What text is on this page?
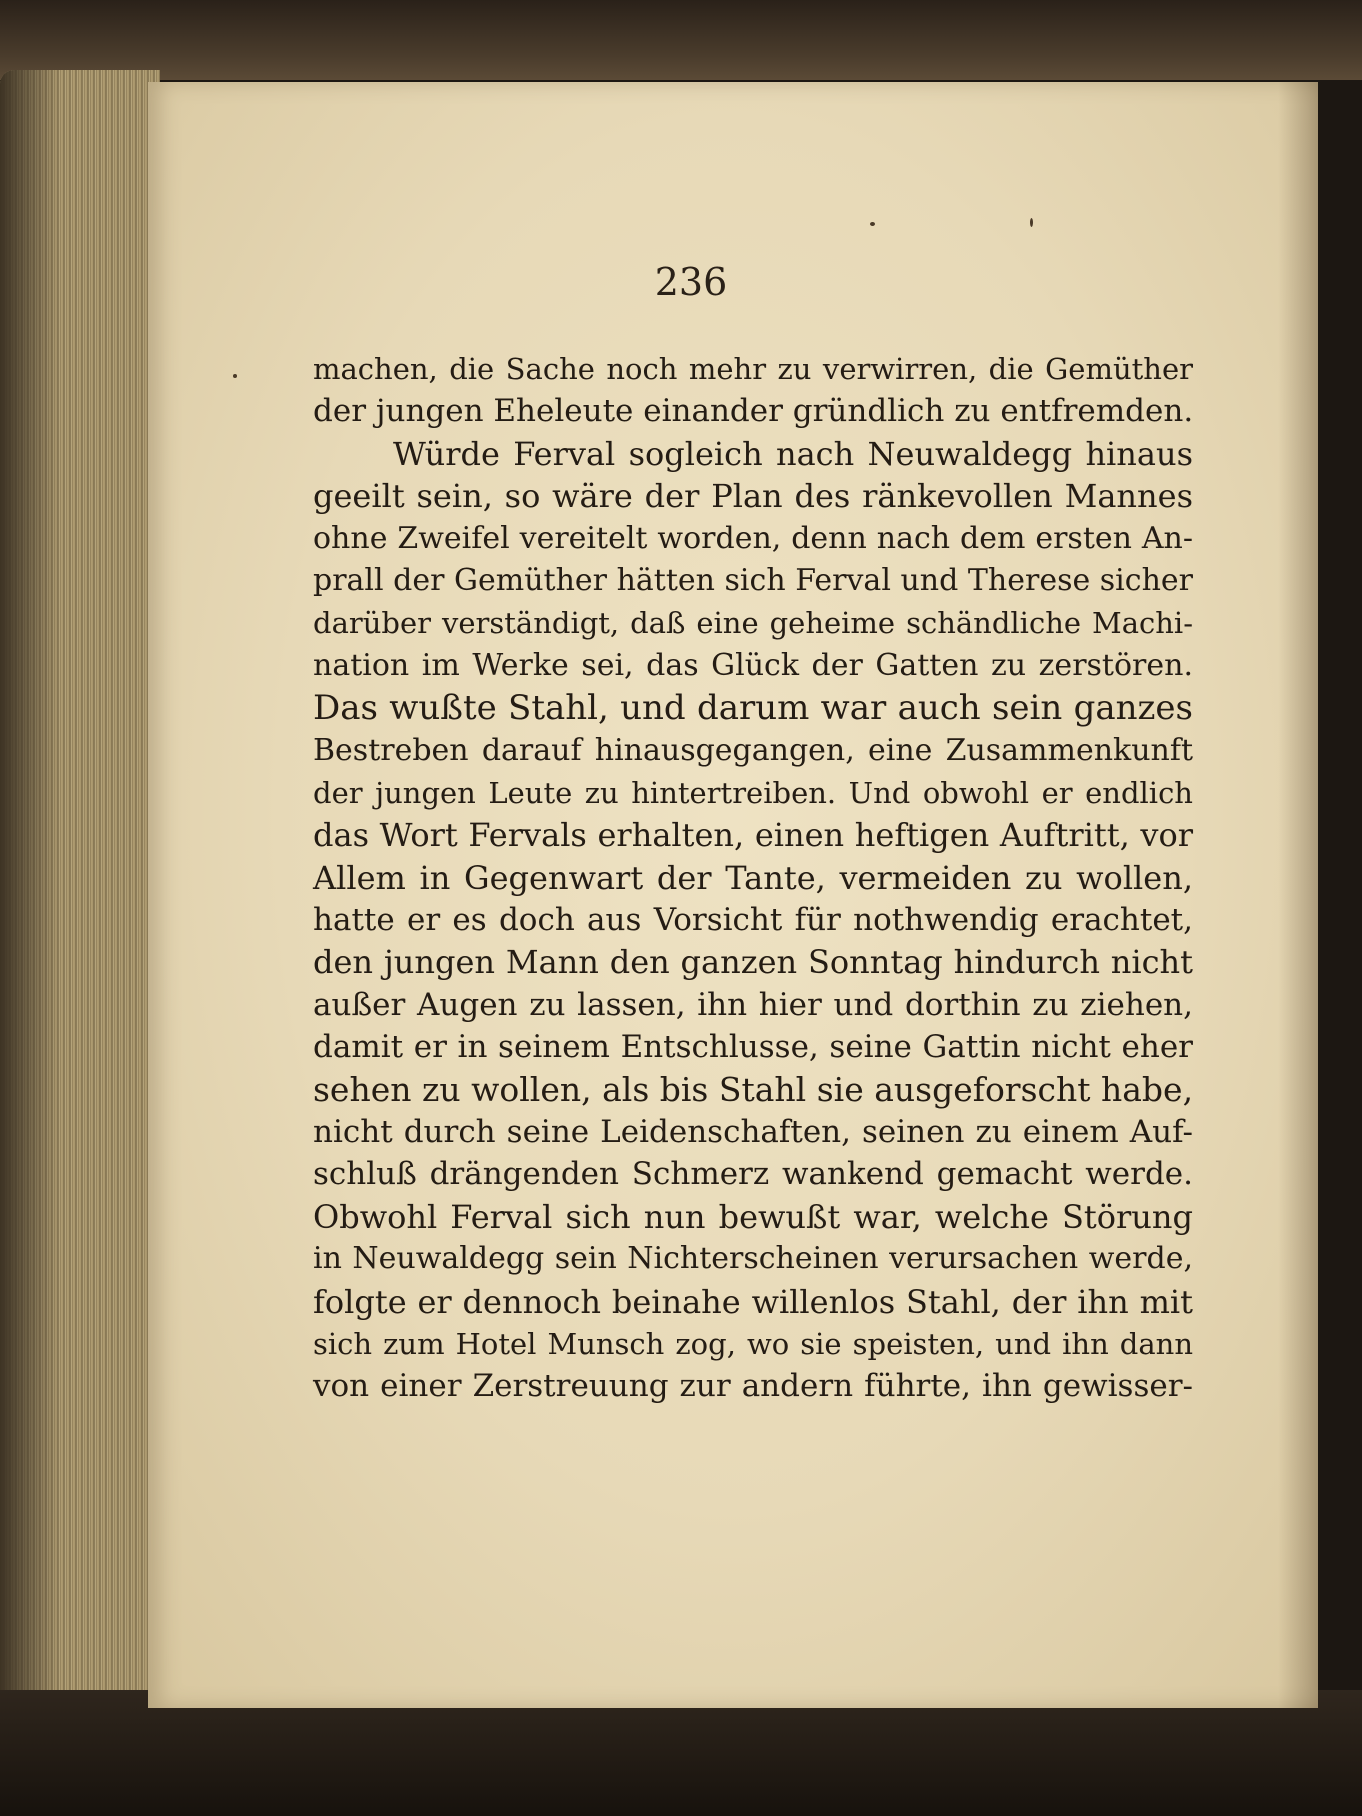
236
machen, die Sache noch mehr zu verwirren, die Gemüther
der jungen Eheleute einander gründlich zu entfremden.
Würde Ferval sogleich nach Neuwaldegg hinaus
geeilt sein, so wäre der Plan des ränkevollen Mannes
ohne Zweifel vereitelt worden, denn nach dem ersten An-
prall der Gemüther hätten sich Ferval und Therese sicher
darüber verständigt, daß eine geheime schändliche Machi-
nation im Werke sei, das Glück der Gatten zu zerstören.
Das wußte Stahl, und darum war auch sein ganzes
Bestreben darauf hinausgegangen, eine Zusammenkunft
der jungen Leute zu hintertreiben. Und obwohl er endlich
das Wort Fervals erhalten, einen heftigen Auftritt, vor
Allem in Gegenwart der Tante, vermeiden zu wollen,
hatte er es doch aus Vorsicht für nothwendig erachtet,
den jungen Mann den ganzen Sonntag hindurch nicht
außer Augen zu lassen, ihn hier und dorthin zu ziehen,
damit er in seinem Entschlusse, seine Gattin nicht eher
sehen zu wollen, als bis Stahl sie ausgeforscht habe,
nicht durch seine Leidenschaften, seinen zu einem Auf-
schluß drängenden Schmerz wankend gemacht werde.
Obwohl Ferval sich nun bewußt war, welche Störung
in Neuwaldegg sein Nichterscheinen verursachen werde,
folgte er dennoch beinahe willenlos Stahl, der ihn mit
sich zum Hotel Munsch zog, wo sie speisten, und ihn dann
von einer Zerstreuung zur andern führte, ihn gewisser-
